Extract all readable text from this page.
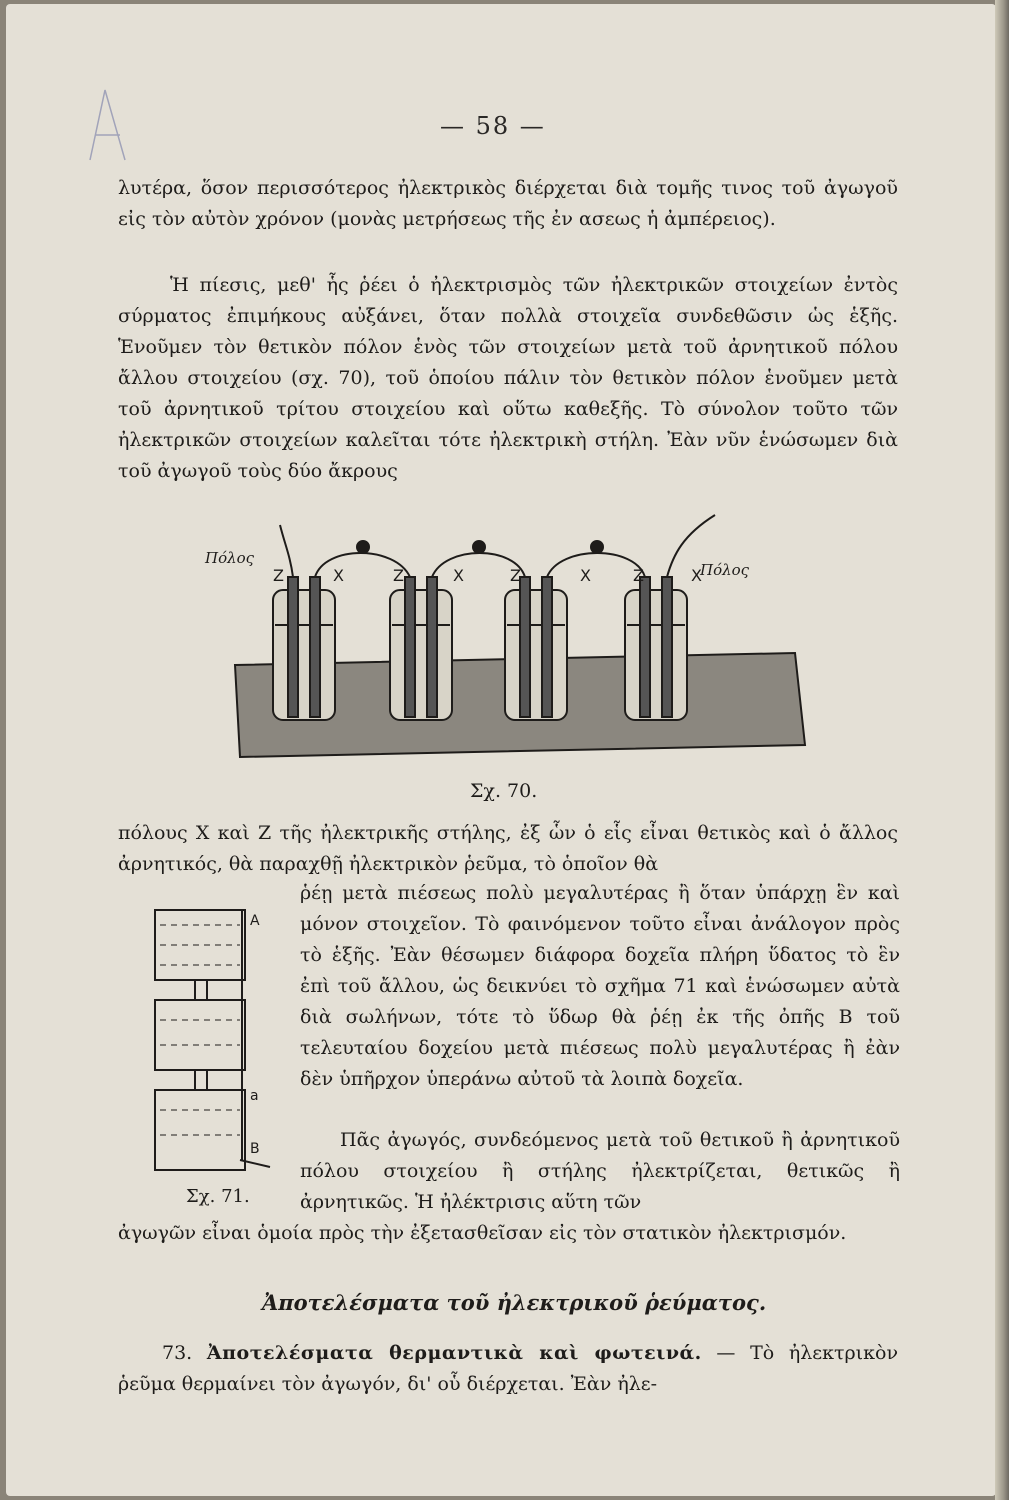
— 58 —
λυτέρα, ὅσον περισσότερος ἠλεκτρικὸς διέρχεται διὰ τομῆς τινος τοῦ ἀγωγοῦ εἰς τὸν αὐτὸν χρόνον (μονὰς μετρήσεως τῆς ἐν ασεως ἡ ἀμπέρειος).
Ἡ πίεσις, μεθ' ἧς ῥέει ὁ ἠλεκτρισμὸς τῶν ἠλεκτρικῶν στοιχείων ἐντὸς σύρματος ἐπιμήκους αὐξάνει, ὅταν πολλὰ στοιχεῖα συνδεθῶσιν ὡς ἑξῆς. Ἑνοῦμεν τὸν θετικὸν πόλον ἑνὸς τῶν στοιχείων μετὰ τοῦ ἀρνητικοῦ πόλου ἄλλου στοιχείου (σχ. 70), τοῦ ὁποίου πάλιν τὸν θετικὸν πόλον ἑνοῦμεν μετὰ τοῦ ἀρνητικοῦ τρίτου στοιχείου καὶ οὕτω καθεξῆς. Τὸ σύνολον τοῦτο τῶν ἠλεκτρικῶν στοιχείων καλεῖται τότε ἠλεκτρικὴ στήλη. Ἐὰν νῦν ἑνώσωμεν διὰ τοῦ ἀγωγοῦ τοὺς δύο ἄκρους
Z	X	Z	X	Z	X	Z	X
Πόλος
Πόλος
Σχ. 70.
πόλους X καὶ Z τῆς ἠλεκτρικῆς στήλης, ἐξ ὧν ὁ εἷς εἶναι θετικὸς καὶ ὁ ἄλλος ἀρνητικός, θὰ παραχθῇ ἠλεκτρικὸν ῥεῦμα, τὸ ὁποῖον θὰ
ῥέῃ μετὰ πιέσεως πολὺ μεγαλυτέρας ἢ ὅταν ὑπάρχῃ ἓν καὶ μόνον στοιχεῖον. Τὸ φαινόμενον τοῦτο εἶναι ἀνάλογον πρὸς τὸ ἑξῆς. Ἐὰν θέσωμεν διάφορα δοχεῖα πλήρη ὕδατος τὸ ἓν ἐπὶ τοῦ ἄλλου, ὡς δεικνύει τὸ σχῆμα 71 καὶ ἑνώσωμεν αὐτὰ διὰ σωλήνων, τότε τὸ ὕδωρ θὰ ῥέῃ ἐκ τῆς ὀπῆς B τοῦ τελευταίου δοχείου μετὰ πιέσεως πολὺ μεγαλυτέρας ἢ ἐὰν δὲν ὑπῆρχον ὑπεράνω αὐτοῦ τὰ λοιπὰ δοχεῖα.
A
a
B
Σχ. 71.
Πᾶς ἀγωγός, συνδεόμενος μετὰ τοῦ θετικοῦ ἢ ἀρνητικοῦ πόλου στοιχείου ἢ στήλης ἠλεκτρίζεται, θετικῶς ἢ ἀρνητικῶς. Ἡ ἠλέκτρισις αὕτη τῶν
ἀγωγῶν εἶναι ὁμοία πρὸς τὴν ἐξετασθεῖσαν εἰς τὸν στατικὸν ἠλεκτρισμόν.
Ἀποτελέσματα τοῦ ἠλεκτρικοῦ ῥεύματος.
73. Ἀποτελέσματα θερμαντικὰ καὶ φωτεινά. — Τὸ ἠλεκτρικὸν ῥεῦμα θερμαίνει τὸν ἀγωγόν, δι' οὗ διέρχεται. Ἐὰν ἠλε-
